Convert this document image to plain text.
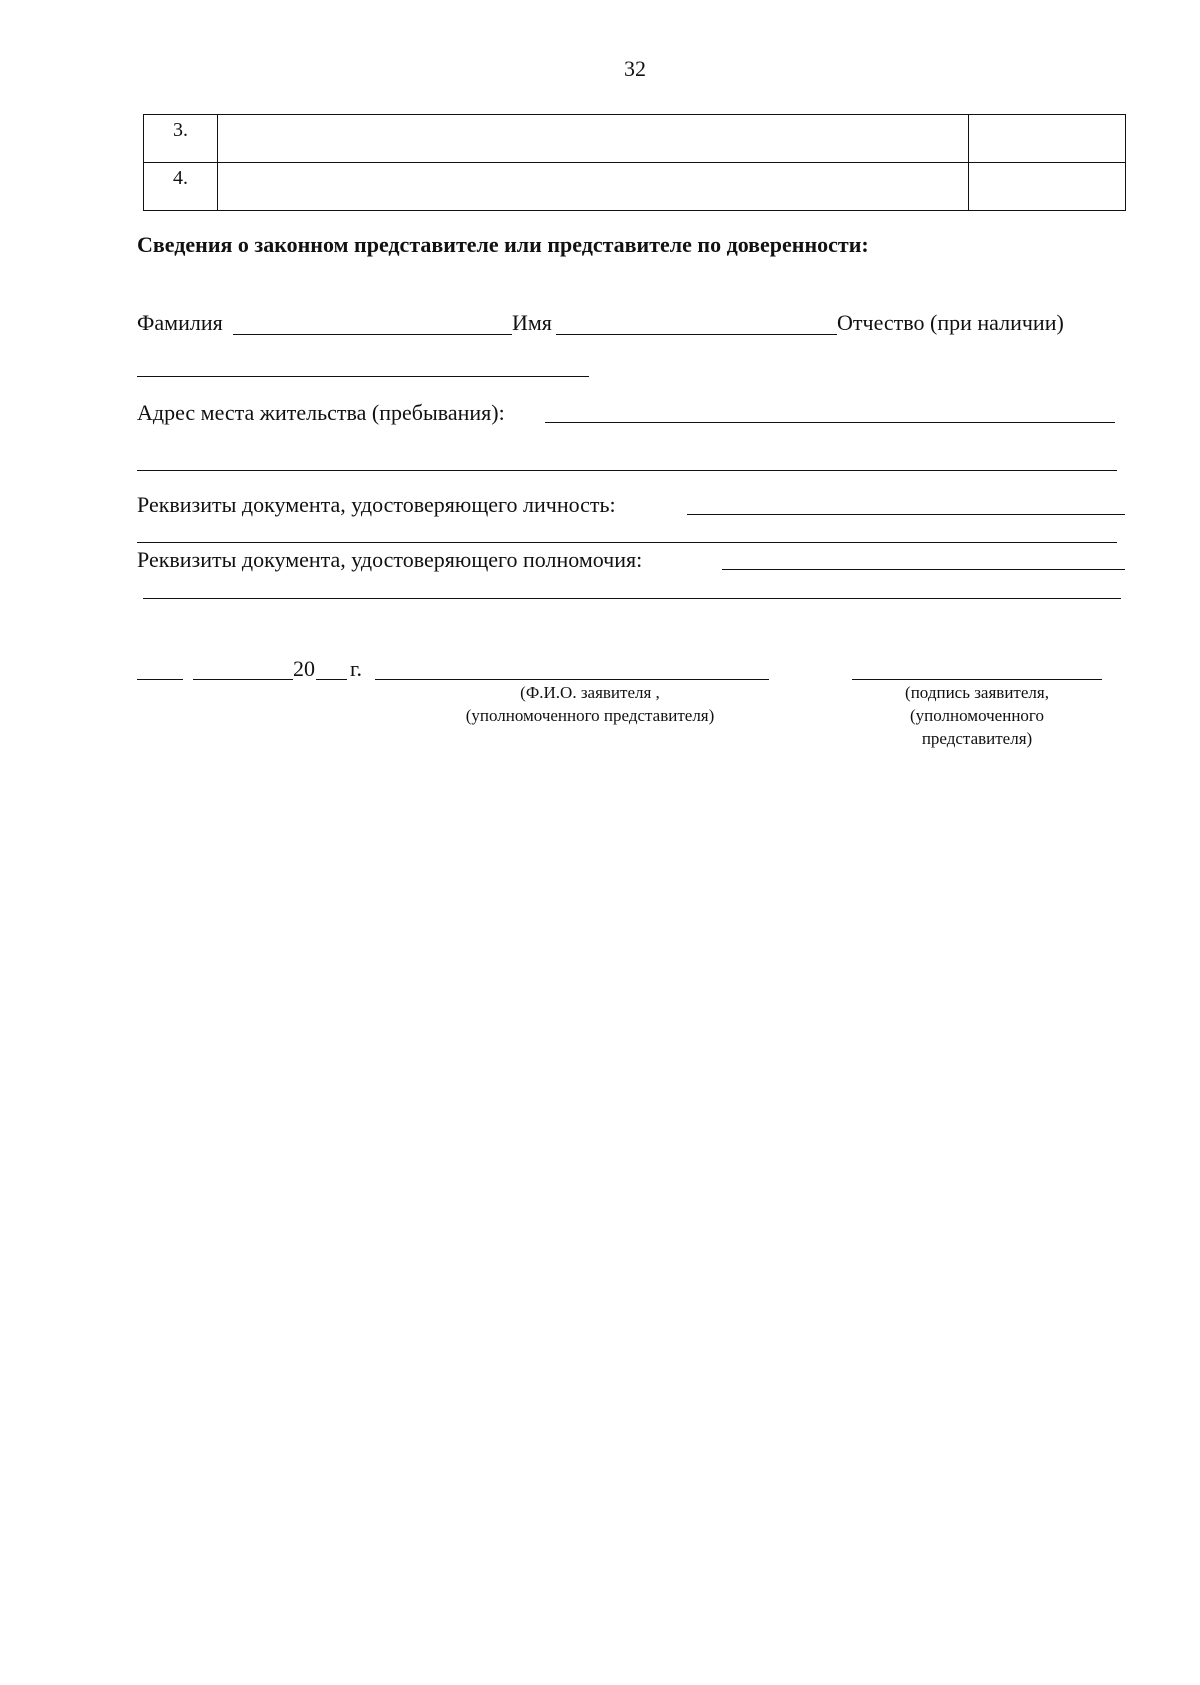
32
3.		
4.		
Сведения о законном представителе или представителе по доверенности:
Фамилия	Имя	Отчество (при наличии)
Адрес места жительства (пребывания):
Реквизиты документа, удостоверяющего личность:
Реквизиты документа, удостоверяющего полномочия:
20 г.
(Ф.И.О. заявителя ,
(уполномоченного представителя)
(подпись заявителя,
(уполномоченного
представителя)
